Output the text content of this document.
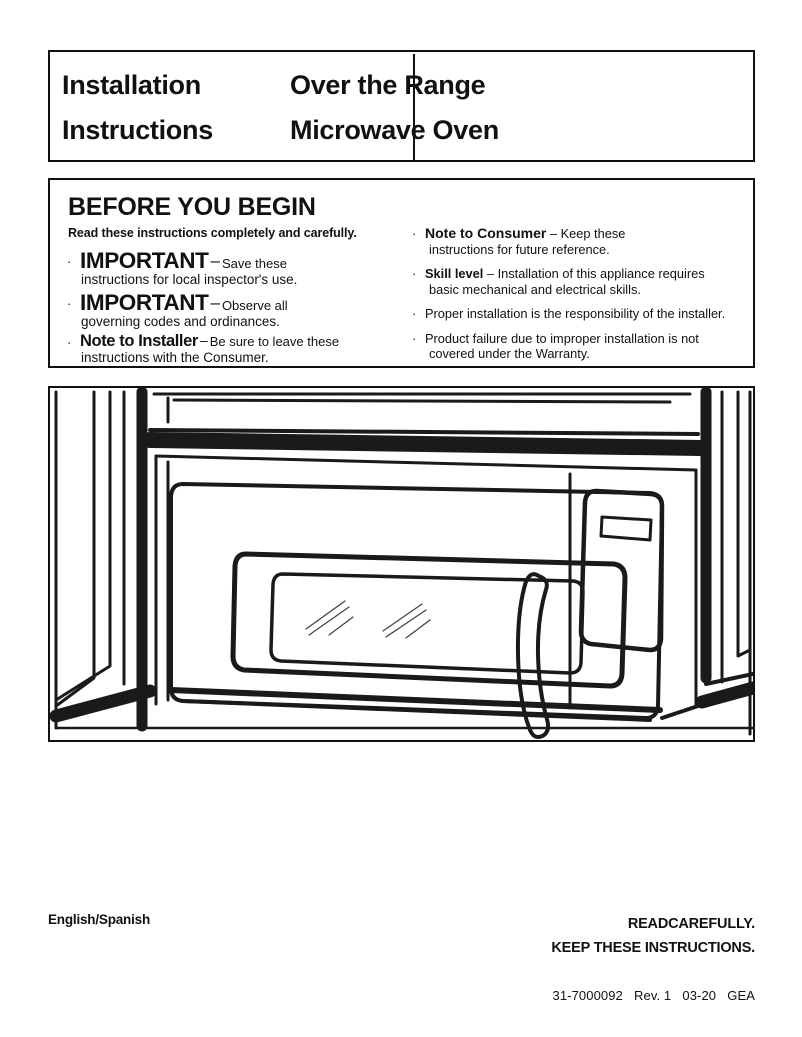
Installation	Over the Range
Instructions	Microwave Oven
BEFORE YOU BEGIN
Read these instructions completely and carefully.
· IMPORTANT – Save these
instructions for local inspector's use.
· IMPORTANT – Observe all
governing codes and ordinances.
· Note to Installer – Be sure to leave these
instructions with the Consumer.
· Note to Consumer – Keep these
instructions for future reference.
· Skill level – Installation of this appliance requires
basic mechanical and electrical skills.
· Proper installation is the responsibility of the installer.
· Product failure due to improper installation is not
covered under the Warranty.
English/Spanish	READCAREFULLY.
KEEP THESE INSTRUCTIONS.
31-7000092   Rev. 1   03-20   GEA
